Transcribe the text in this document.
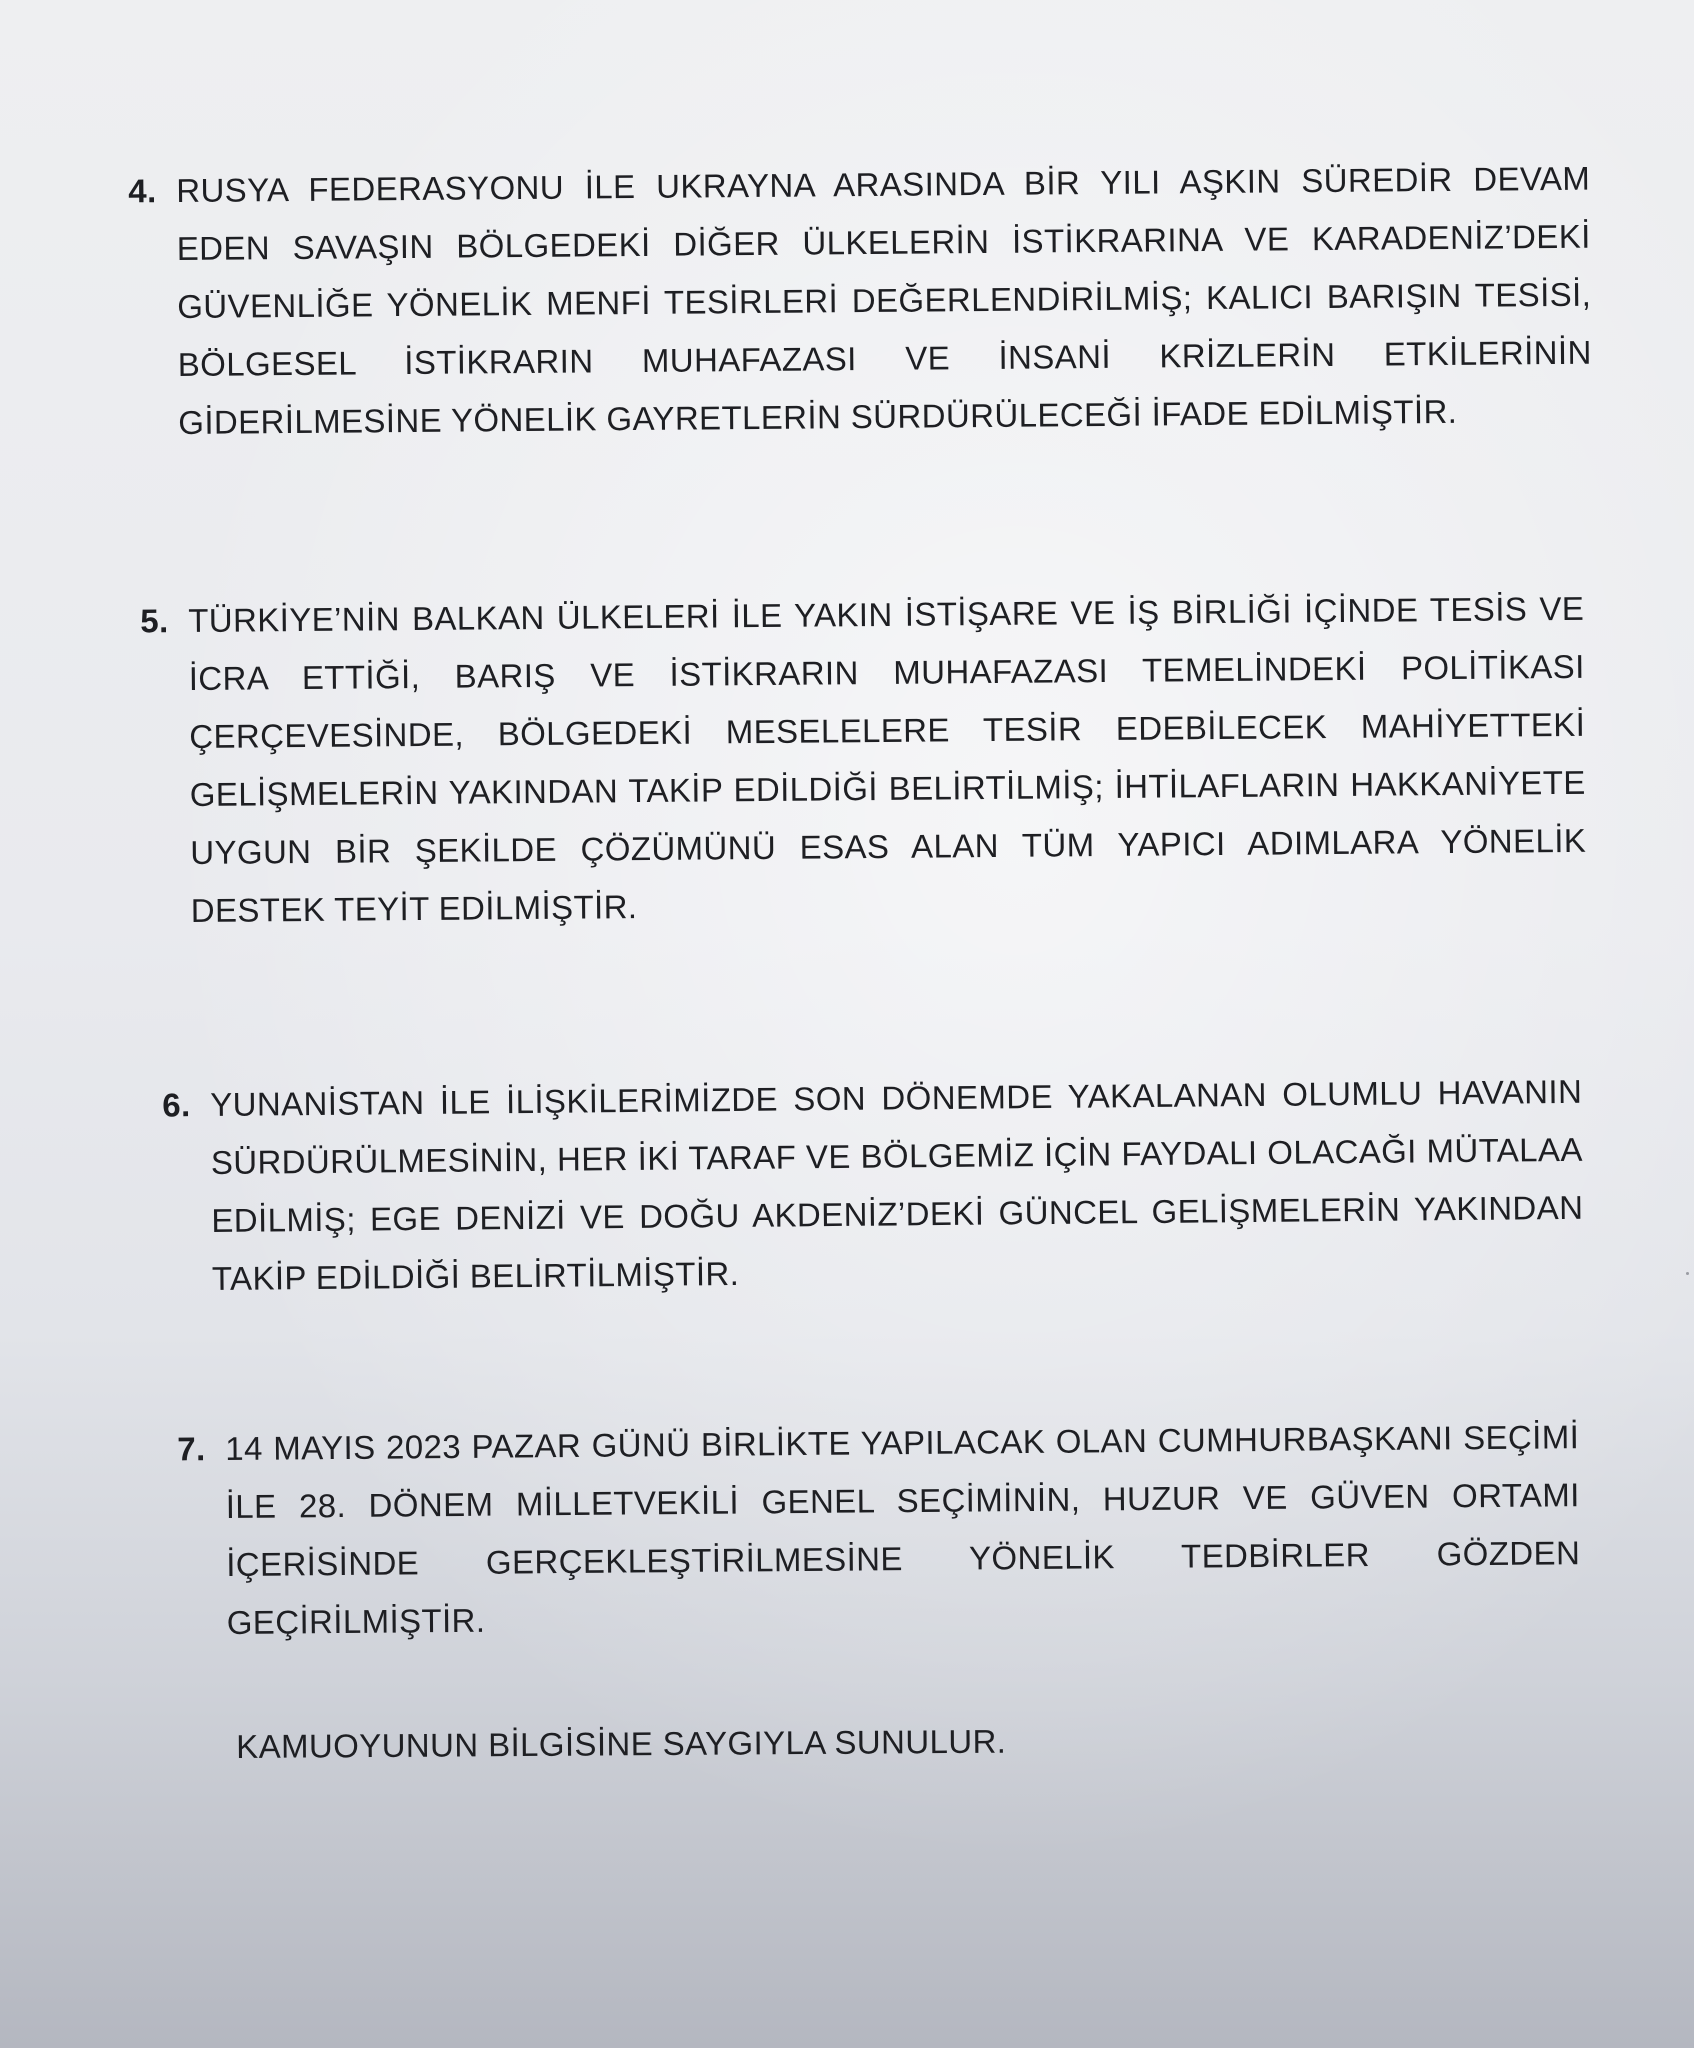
4. RUSYA FEDERASYONU İLE UKRAYNA ARASINDA BİR YILI AŞKIN SÜREDİR DEVAM EDEN SAVAŞIN BÖLGEDEKİ DİĞER ÜLKELERİN İSTİKRARINA VE KARADENİZ’DEKİ GÜVENLİĞE YÖNELİK MENFİ TESİRLERİ DEĞERLENDİRİLMİŞ; KALICI BARIŞIN TESİSİ, BÖLGESEL İSTİKRARIN MUHAFAZASI VE İNSANİ KRİZLERİN ETKİLERİNİN GİDERİLMESİNE YÖNELİK GAYRETLERİN SÜRDÜRÜLECEĞİ İFADE EDİLMİŞTİR.
5. TÜRKİYE’NİN BALKAN ÜLKELERİ İLE YAKIN İSTİŞARE VE İŞ BİRLİĞİ İÇİNDE TESİS VE İCRA ETTİĞİ, BARIŞ VE İSTİKRARIN MUHAFAZASI TEMELİNDEKİ POLİTİKASI ÇERÇEVESİNDE, BÖLGEDEKİ MESELELERE TESİR EDEBİLECEK MAHİYETTEKİ GELİŞMELERİN YAKINDAN TAKİP EDİLDİĞİ BELİRTİLMİŞ; İHTİLAFLARIN HAKKANİYETE UYGUN BİR ŞEKİLDE ÇÖZÜMÜNÜ ESAS ALAN TÜM YAPICI ADIMLARA YÖNELİK DESTEK TEYİT EDİLMİŞTİR.
6. YUNANİSTAN İLE İLİŞKİLERİMİZDE SON DÖNEMDE YAKALANAN OLUMLU HAVANIN SÜRDÜRÜLMESİNİN, HER İKİ TARAF VE BÖLGEMİZ İÇİN FAYDALI OLACAĞI MÜTALAA EDİLMİŞ; EGE DENİZİ VE DOĞU AKDENİZ’DEKİ GÜNCEL GELİŞMELERİN YAKINDAN TAKİP EDİLDİĞİ BELİRTİLMİŞTİR.
7. 14 MAYIS 2023 PAZAR GÜNÜ BİRLİKTE YAPILACAK OLAN CUMHURBAŞKANI SEÇİMİ İLE 28. DÖNEM MİLLETVEKİLİ GENEL SEÇİMİNİN, HUZUR VE GÜVEN ORTAMI İÇERİSİNDE GERÇEKLEŞTİRİLMESİNE YÖNELİK TEDBİRLER GÖZDEN GEÇİRİLMİŞTİR.
KAMUOYUNUN BİLGİSİNE SAYGIYLA SUNULUR.
